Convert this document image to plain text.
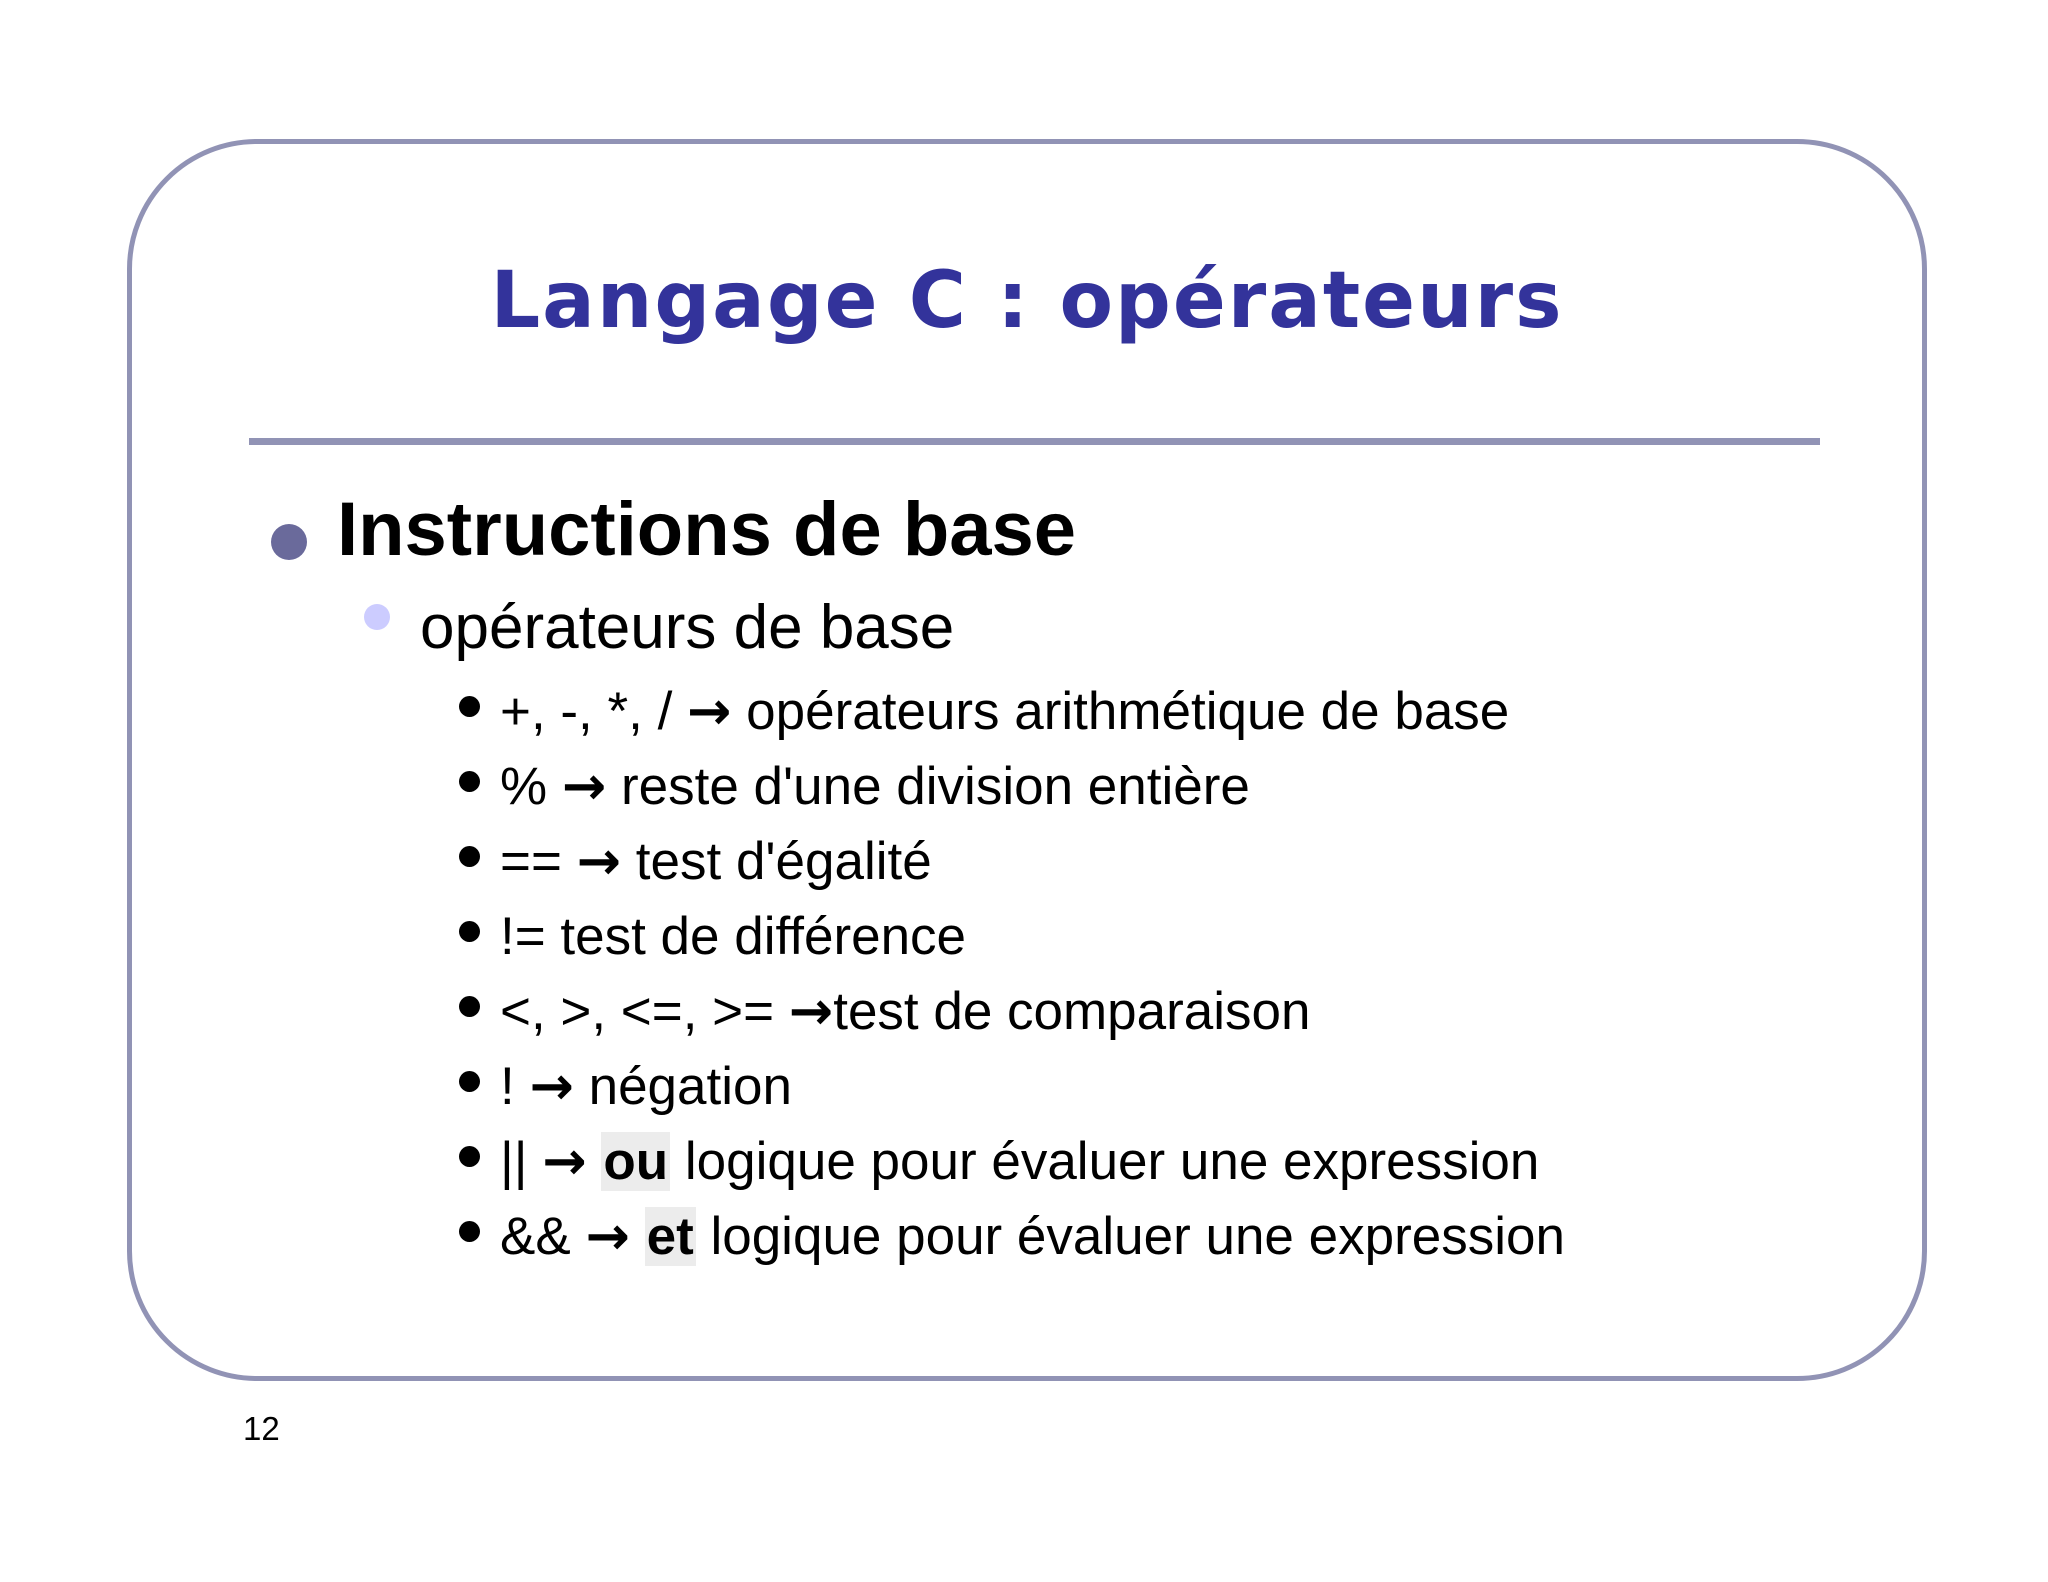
Langage C : opérateurs
Instructions de base
opérateurs de base
+, -, *, / → opérateurs arithmétique de base
% → reste d'une division entière
== → test d'égalité
!= test de différence
<, >, <=, >= →test de comparaison
! → négation
|| → ou logique pour évaluer une expression
&& → et logique pour évaluer une expression
12
